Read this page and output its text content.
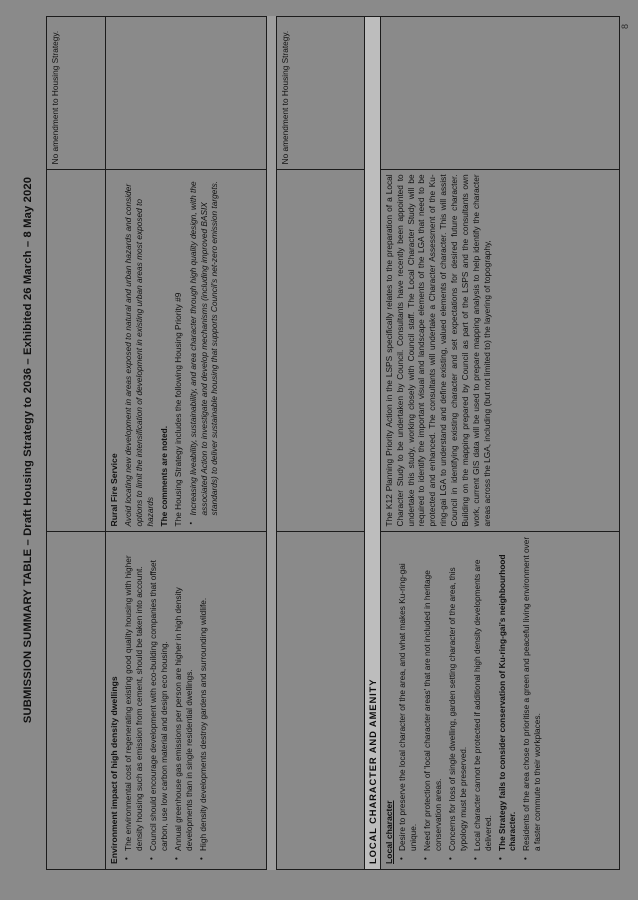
SUBMISSION SUMMARY TABLE – Draft Housing Strategy to 2036 – Exhibited 26 March – 8 May 2020
No amendment to Housing Strategy.

Environment impact of high density dwellings • The environmental cost of regenerating existing good quality housing with higher density housing such as emission from cement, should be taken into account. • Council should encourage development with eco-building companies that offset carbon, use low carbon material and design eco housing. • Annual greenhouse gas emissions per person are higher in high density developments than in single residential dwellings. • High density developments destroy gardens and surrounding wildlife.

Rural Fire Service Avoid locating new development in areas exposed to natural and urban hazards and consider options to limit the intensification of development in existing urban areas most exposed to hazards The comments are noted. The Housing Strategy includes the following Housing Priority #9 ▪ Increasing liveability, sustainability, and area character through high quality design, with the associated Action to investigate and develop mechanisms (including improved BASIX standards) to deliver sustainable housing that supports Council's net-zero emission targets.
No amendment to Housing Strategy.
LOCAL CHARACTER AND AMENITY Local character • Desire to preserve the local character of the area, and what makes Ku-ring-gai unique. • Need for protection of 'local character areas' that are not included in heritage conservation areas. • Concerns for loss of single dwelling, garden setting character of the area, this typology must be preserved. • Local character cannot be protected if additional high density developments are delivered. • The Strategy fails to consider conservation of Ku-ring-gai's neighbourhood character. • Residents of the area chose to prioritise a green and peaceful living environment over a faster commute to their workplaces.

The K12 Planning Priority Action in the LSPS specifically relates to the preparation of a Local Character Study to be undertaken by Council. Consultants have recently been appointed to undertake this study, working closely with Council staff. The Local Character Study will be required to identify the important visual and landscape elements of the LGA that need to be protected and enhanced. The consultants will undertake a Character Assessment of the Ku-ring-gai LGA to understand and define existing, valued elements of character. This will assist Council in identifying existing character and set expectations for desired future character. Building on the mapping prepared by Council as part of the LSPS and the consultants own work, current GIS data will be used to prepare mapping analysis to help identify the character areas across the LGA, including (but not limited to) the layering of topography,

8
